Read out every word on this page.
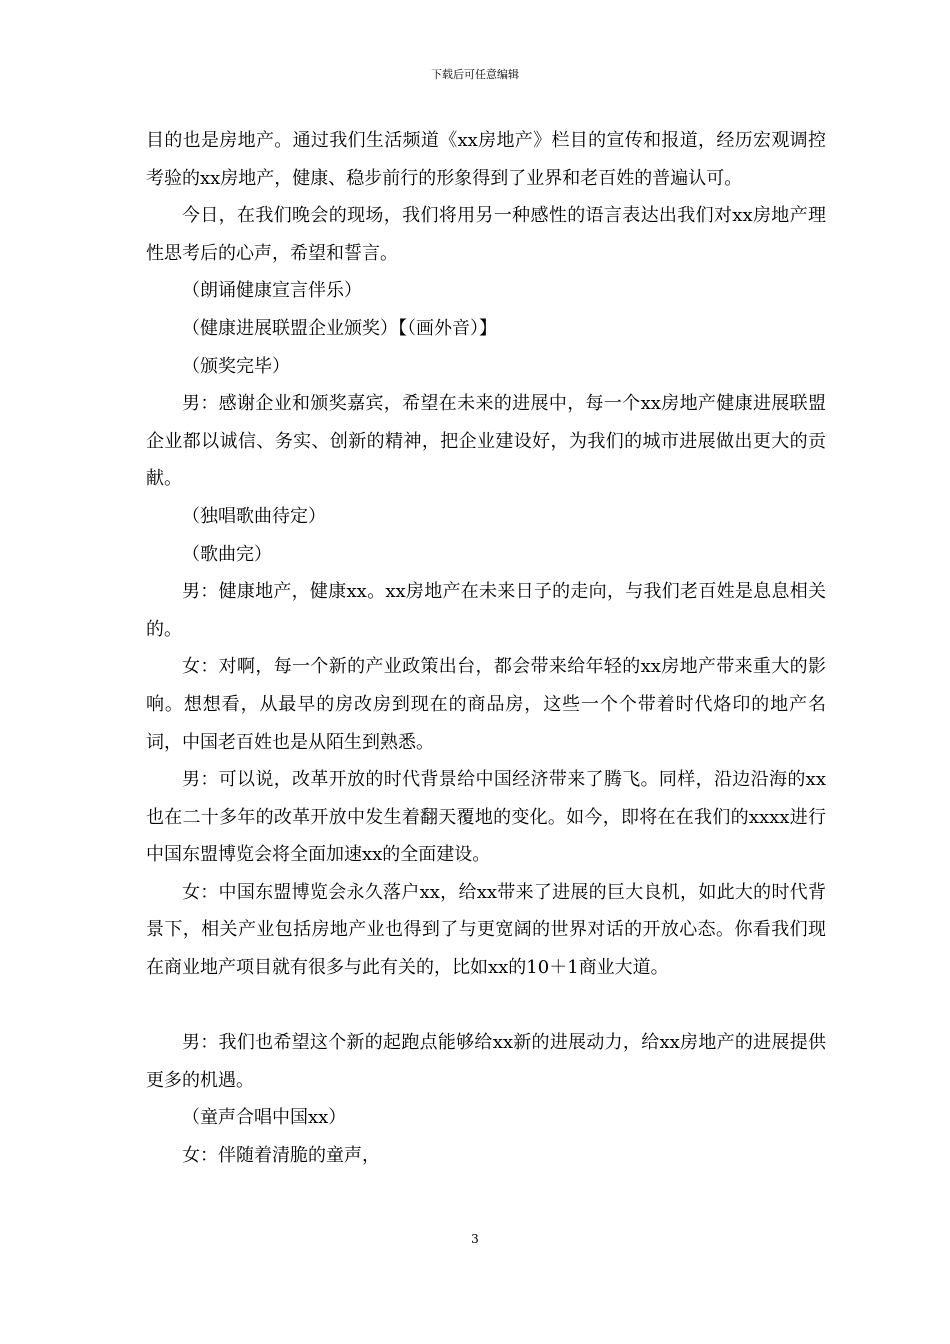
下载后可任意编辑

目的也是房地产。通过我们生活频道《xx房地产》栏目的宣传和报道，经历宏观调控考验的xx房地产，健康、稳步前行的形象得到了业界和老百姓的普遍认可。

今日，在我们晚会的现场，我们将用另一种感性的语言表达出我们对xx房地产理性思考后的心声，希望和誓言。

（朗诵健康宣言伴乐）

（健康进展联盟企业颁奖）【（画外音）】

（颁奖完毕）

男：感谢企业和颁奖嘉宾，希望在未来的进展中，每一个xx房地产健康进展联盟企业都以诚信、务实、创新的精神，把企业建设好，为我们的城市进展做出更大的贡献。

（独唱歌曲待定）

（歌曲完）

男：健康地产，健康xx。xx房地产在未来日子的走向，与我们老百姓是息息相关的。

女：对啊，每一个新的产业政策出台，都会带来给年轻的xx房地产带来重大的影响。想想看，从最早的房改房到现在的商品房，这些一个个带着时代烙印的地产名词，中国老百姓也是从陌生到熟悉。

男：可以说，改革开放的时代背景给中国经济带来了腾飞。同样，沿边沿海的xx也在二十多年的改革开放中发生着翻天覆地的变化。如今，即将在在我们的xxxx进行中国东盟博览会将全面加速xx的全面建设。

女：中国东盟博览会永久落户xx，给xx带来了进展的巨大良机，如此大的时代背景下，相关产业包括房地产业也得到了与更宽阔的世界对话的开放心态。你看我们现在商业地产项目就有很多与此有关的，比如xx的10＋1商业大道。

男：我们也希望这个新的起跑点能够给xx新的进展动力，给xx房地产的进展提供更多的机遇。

（童声合唱中国xx）

女：伴随着清脆的童声，

3
